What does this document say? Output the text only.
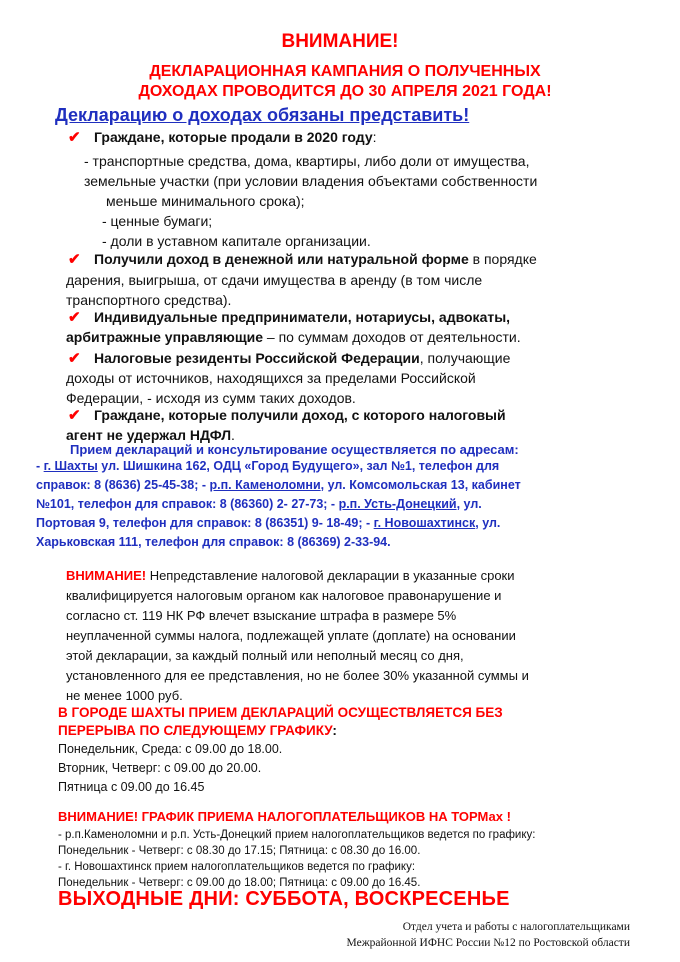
ВНИМАНИЕ!
ДЕКЛАРАЦИОННАЯ КАМПАНИЯ О ПОЛУЧЕННЫХ
ДОХОДАХ ПРОВОДИТСЯ ДО 30 АПРЕЛЯ 2021 ГОДА!
Декларацию о доходах обязаны представить!
✔ Граждане, которые продали в 2020 году:
- транспортные средства, дома, квартиры, либо доли от имущества,
земельные участки (при условии владения объектами собственности
меньше минимального срока);
- ценные бумаги;
- доли в уставном капитале организации.
✔ Получили доход в денежной или натуральной форме в порядке
дарения, выигрыша, от сдачи имущества в аренду (в том числе
транспортного средства).
✔ Индивидуальные предприниматели, нотариусы, адвокаты,
арбитражные управляющие – по суммам доходов от деятельности.
✔ Налоговые резиденты Российской Федерации, получающие
доходы от источников, находящихся за пределами Российской
Федерации, - исходя из сумм таких доходов.
✔ Граждане, которые получили доход, с которого налоговый
агент не удержал НДФЛ.
Прием деклараций и консультирование осуществляется по адресам:
- г. Шахты ул. Шишкина 162, ОДЦ «Город Будущего», зал №1, телефон для
справок: 8 (8636) 25-45-38; - р.п. Каменоломни, ул. Комсомольская 13, кабинет
№101, телефон для справок: 8 (86360) 2- 27-73; - р.п. Усть-Донецкий, ул.
Портовая 9, телефон для справок: 8 (86351) 9- 18-49; - г. Новошахтинск, ул.
Харьковская 111, телефон для справок: 8 (86369) 2-33-94.
ВНИМАНИЕ! Непредставление налоговой декларации в указанные сроки
квалифицируется налоговым органом как налоговое правонарушение и
согласно ст. 119 НК РФ влечет взыскание штрафа в размере 5%
неуплаченной суммы налога, подлежащей уплате (доплате) на основании
этой декларации, за каждый полный или неполный месяц со дня,
установленного для ее представления, но не более 30% указанной суммы и
не менее 1000 руб.
В ГОРОДЕ ШАХТЫ ПРИЕМ ДЕКЛАРАЦИЙ ОСУЩЕСТВЛЯЕТСЯ БЕЗ
ПЕРЕРЫВА ПО СЛЕДУЮЩЕМУ ГРАФИКУ:
Понедельник, Среда: с 09.00 до 18.00.
Вторник, Четверг: с 09.00 до 20.00.
Пятница с 09.00 до 16.45
ВНИМАНИЕ! ГРАФИК ПРИЕМА НАЛОГОПЛАТЕЛЬЩИКОВ НА ТОРМах !
- р.п.Каменоломни и р.п. Усть-Донецкий прием налогоплательщиков ведется по графику:
Понедельник - Четверг: с 08.30 до 17.15; Пятница: с 08.30 до 16.00.
- г. Новошахтинск прием налогоплательщиков ведется по графику:
Понедельник - Четверг: с 09.00 до 18.00; Пятница: с 09.00 до 16.45.
ВЫХОДНЫЕ ДНИ: СУББОТА, ВОСКРЕСЕНЬЕ
Отдел учета и работы с налогоплательщиками
Межрайонной ИФНС России №12 по Ростовской области
